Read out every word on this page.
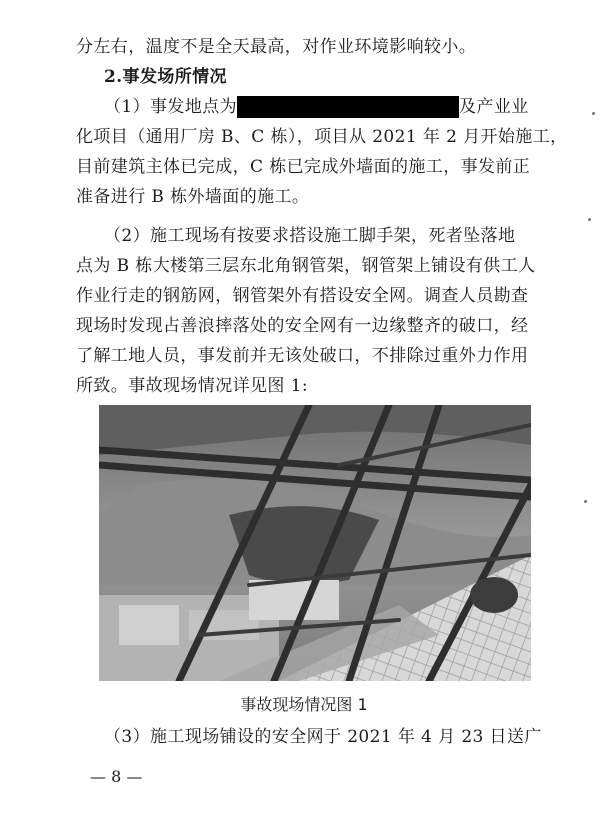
分左右，温度不是全天最高，对作业环境影响较小。
2.事发场所情况
（1）事发地点为	及产业业
化项目（通用厂房 B、C 栋），项目从 2021 年 2 月开始施工，
目前建筑主体已完成，C 栋已完成外墙面的施工，事发前正
准备进行 B 栋外墙面的施工。
（2）施工现场有按要求搭设施工脚手架，死者坠落地
点为 B 栋大楼第三层东北角钢管架，钢管架上铺设有供工人
作业行走的钢筋网，钢管架外有搭设安全网。调查人员勘查
现场时发现占善浪摔落处的安全网有一边缘整齐的破口，经
了解工地人员，事发前并无该处破口，不排除过重外力作用
所致。事故现场情况详见图 1:
事故现场情况图 1
（3）施工现场铺设的安全网于 2021 年 4 月 23 日送广
— 8 —
